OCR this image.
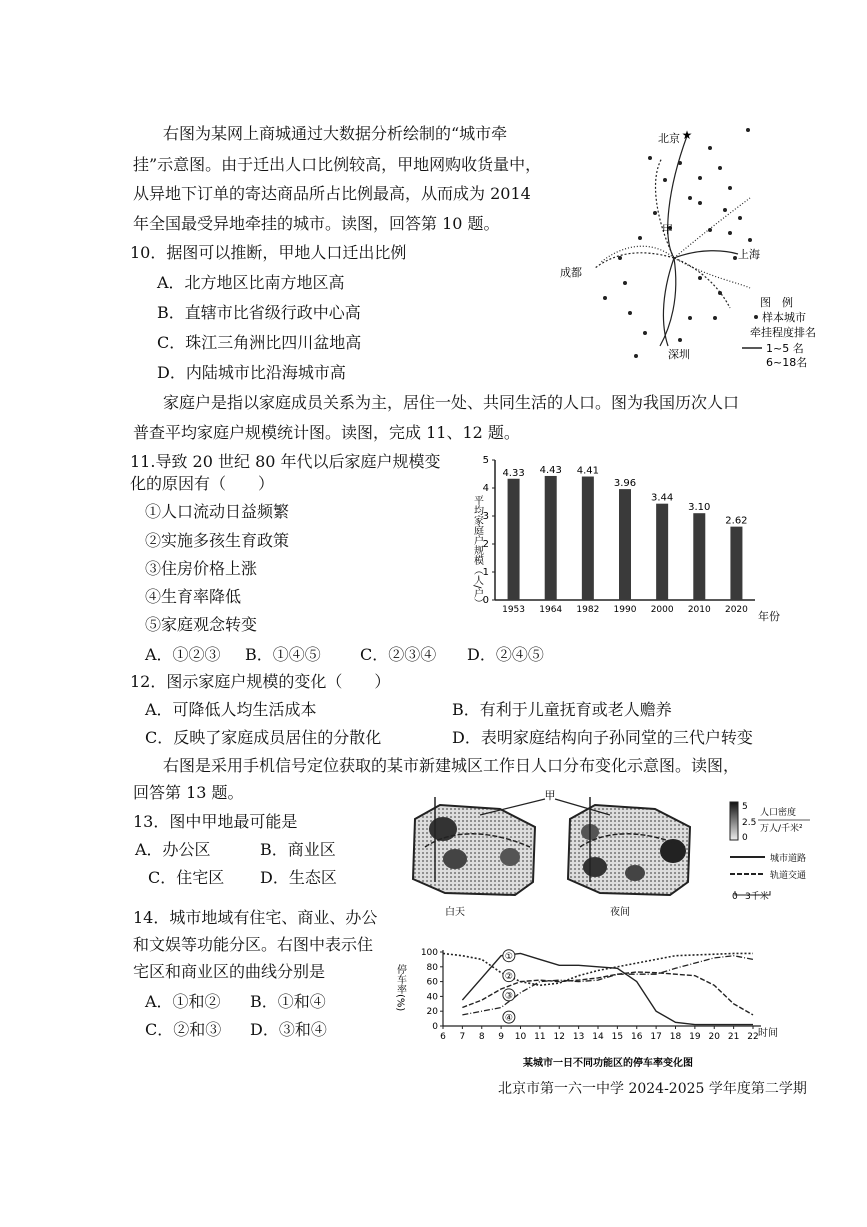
右图为某网上商城通过大数据分析绘制的“城市牵
挂”示意图。由于迁出人口比例较高，甲地网购收货量中，
从异地下订单的寄达商品所占比例最高，从而成为 2014
年全国最受异地牵挂的城市。读图，回答第 10 题。
10．据图可以推断，甲地人口迁出比例
A．北方地区比南方地区高
B．直辖市比省级行政中心高
C．珠江三角洲比四川盆地高
D．内陆城市比沿海城市高
北京 ★
甲
上海
成都
深圳
图　例
样本城市
牵挂程度排名
1~5 名
6~18名
家庭户是指以家庭成员关系为主，居住一处、共同生活的人口。图为我国历次人口
普查平均家庭户规模统计图。读图，完成 11、12 题。
11.导致 20 世纪 80 年代以后家庭户规模变
化的原因有（　　）
①人口流动日益频繁
②实施多孩生育政策
③住房价格上涨
④生育率降低
⑤家庭观念转变
A．①②③ B．①④⑤ C．②③④ D．②④⑤
0
1
2
3
4
5
4.33
1953
4.43
1964
4.41
1982
3.96
1990
3.44
2000
3.10
2010
2.62
2020
平均家庭户规模（人/户）
年份
12．图示家庭户规模的变化（　　）
A．可降低人均生活成本	B．有利于儿童抚育或老人赡养
C．反映了家庭成员居住的分散化	D．表明家庭结构向子孙同堂的三代户转变
右图是采用手机信号定位获取的某市新建城区工作日人口分布变化示意图。读图，
回答第 13 题。
13．图中甲地最可能是
A．办公区	B．商业区
C．住宅区 D．生态区
甲
白天	夜间
5
2.5
0
人口密度
万人/千米²
城市道路
轨道交通
0 3千米
14．城市地域有住宅、商业、办公
和文娱等功能分区。右图中表示住
宅区和商业区的曲线分别是
A．①和② B．①和④
C．②和③ D．③和④	0
20
40
60
80
100
6 7 8 9 10 11 12 13 14 15 16 17 18 19 20 21 22
①
②
③
④
停车率(%)
时间
某城市一日不同功能区的停车率变化图
北京市第一六一中学 2024-2025 学年度第二学期
